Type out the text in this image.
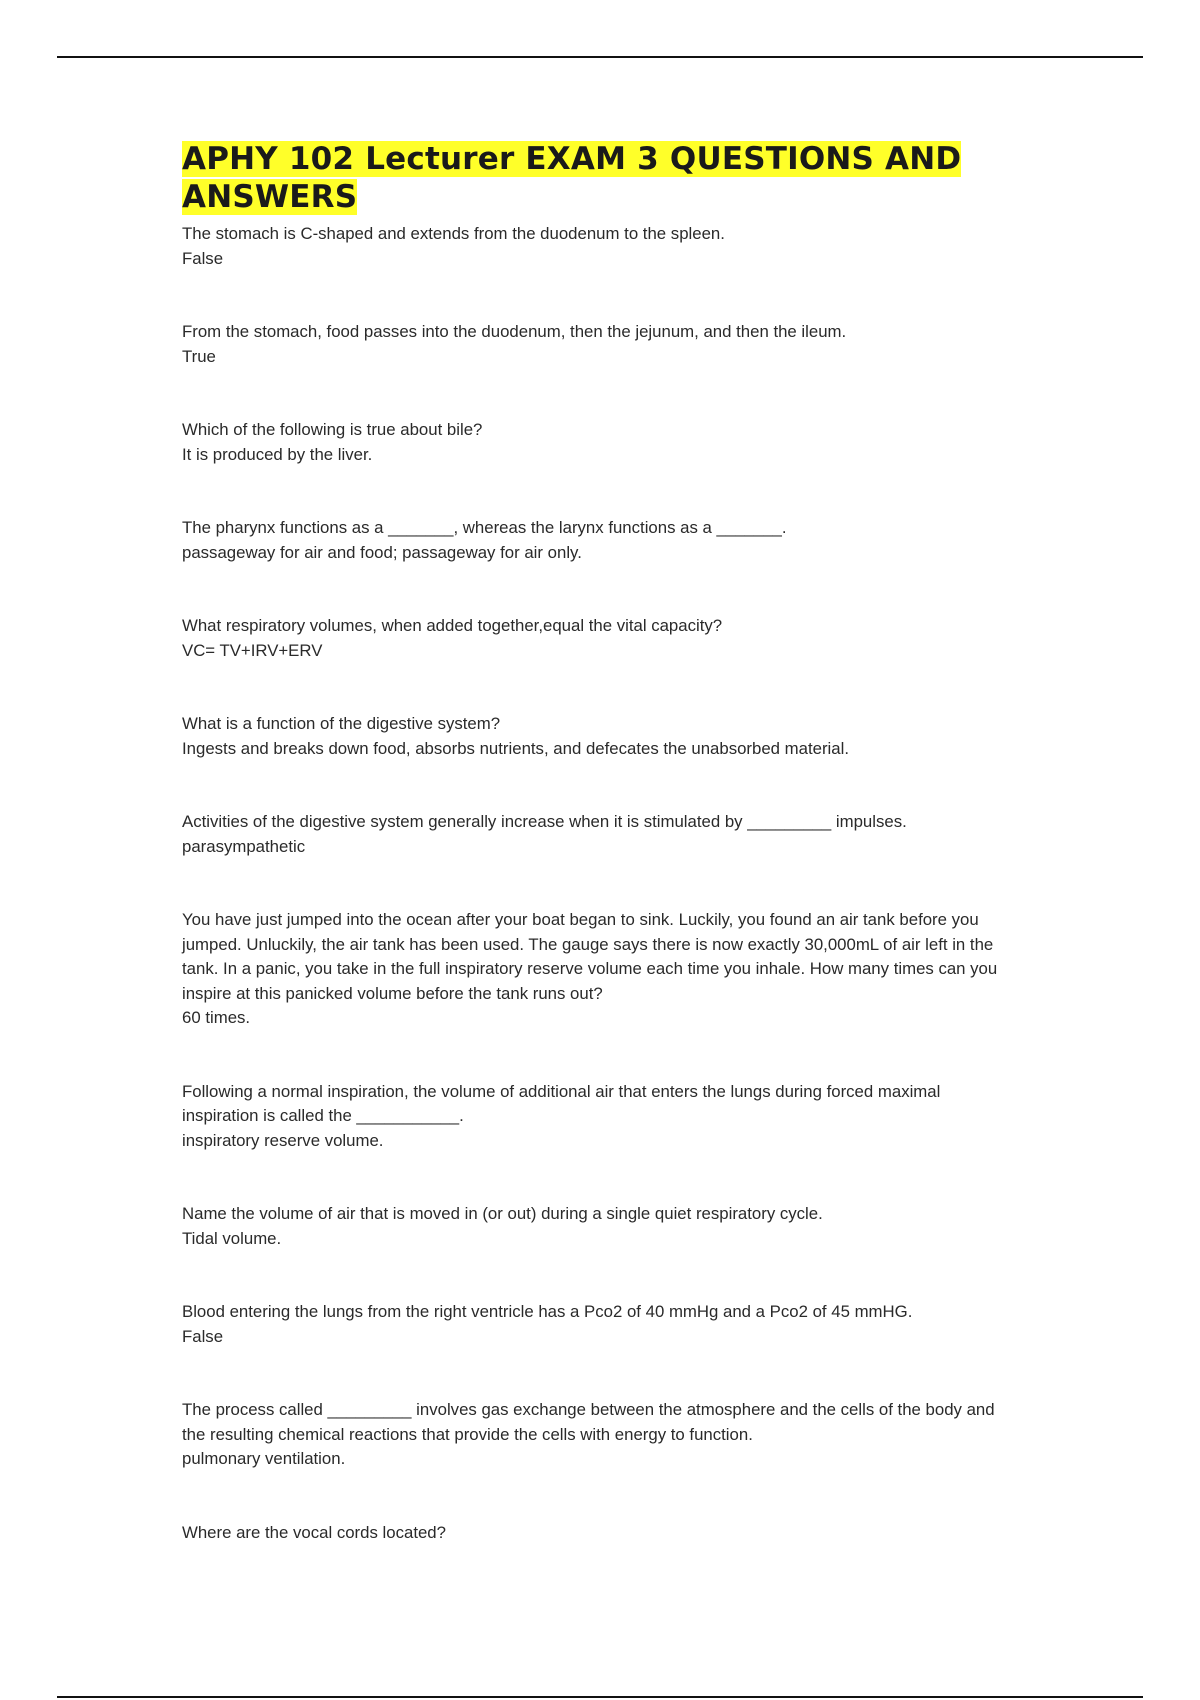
APHY 102 Lecturer EXAM 3 QUESTIONS AND ANSWERS

The stomach is C-shaped and extends from the duodenum to the spleen.

False

From the stomach, food passes into the duodenum, then the jejunum, and then the ileum.

True

Which of the following is true about bile?

It is produced by the liver.

The pharynx functions as a _______, whereas the larynx functions as a _______.

passageway for air and food; passageway for air only.

What respiratory volumes, when added together,equal the vital capacity?

VC= TV+IRV+ERV

What is a function of the digestive system?

Ingests and breaks down food, absorbs nutrients, and defecates the unabsorbed material.

Activities of the digestive system generally increase when it is stimulated by _________ impulses.

parasympathetic

You have just jumped into the ocean after your boat began to sink. Luckily, you found an air tank before you jumped. Unluckily, the air tank has been used. The gauge says there is now exactly 30,000mL of air left in the tank. In a panic, you take in the full inspiratory reserve volume each time you inhale. How many times can you inspire at this panicked volume before the tank runs out?

60 times.

Following a normal inspiration, the volume of additional air that enters the lungs during forced maximal inspiration is called the ___________.

inspiratory reserve volume.

Name the volume of air that is moved in (or out) during a single quiet respiratory cycle.

Tidal volume.

Blood entering the lungs from the right ventricle has a Pco2 of 40 mmHg and a Pco2 of 45 mmHG.

False

The process called _________ involves gas exchange between the atmosphere and the cells of the body and the resulting chemical reactions that provide the cells with energy to function.

pulmonary ventilation.

Where are the vocal cords located?
